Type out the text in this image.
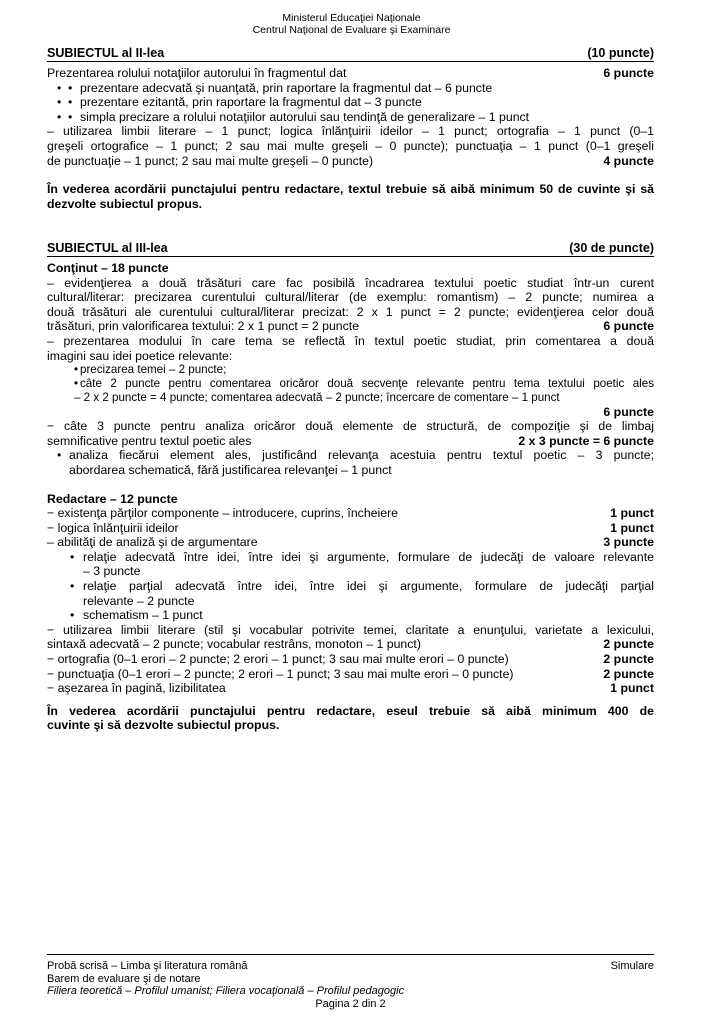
Ministerul Educaţiei Naţionale
Centrul Naţional de Evaluare şi Examinare
SUBIECTUL al II-lea	(10 puncte)
Prezentarea rolului notaţiilor autorului în fragmentul dat	6 puncte
• • prezentare adecvată şi nuanţată, prin raportare la fragmentul dat – 6 puncte
• • prezentare ezitantă, prin raportare la fragmentul dat – 3 puncte
• • simpla precizare a rolului notaţiilor autorului sau tendinţă de generalizare – 1 punct
– utilizarea limbii literare – 1 punct; logica înlănţuirii ideilor – 1 punct; ortografia – 1 punct (0–1
greşeli ortografice – 1 punct; 2 sau mai multe greşeli – 0 puncte); punctuaţia – 1 punct (0–1 greşeli
de punctuaţie – 1 punct; 2 sau mai multe greşeli – 0 puncte)	4 puncte
În vederea acordării punctajului pentru redactare, textul trebuie să aibă minimum 50 de cuvinte şi să dezvolte subiectul propus.
SUBIECTUL al III-lea	(30 de puncte)
Conţinut – 18 puncte
– evidenţierea a două trăsături care fac posibilă încadrarea textului poetic studiat într-un curent
cultural/literar: precizarea curentului cultural/literar (de exemplu: romantism) – 2 puncte; numirea a
două trăsături ale curentului cultural/literar precizat: 2 x 1 punct = 2 puncte; evidenţierea celor două
trăsături, prin valorificarea textului: 2 x 1 punct = 2 puncte	6 puncte
– prezentarea modului în care tema se reflectă în textul poetic studiat, prin comentarea a două
imagini sau idei poetice relevante:
• precizarea temei – 2 puncte;
• câte 2 puncte pentru comentarea oricăror două secvenţe relevante pentru tema textului poetic ales
– 2 x 2 puncte = 4 puncte; comentarea adecvată – 2 puncte; încercare de comentare – 1 punct
6 puncte
− câte 3 puncte pentru analiza oricăror două elemente de structură, de compoziţie şi de limbaj
semnificative pentru textul poetic ales	2 x 3 puncte = 6 puncte
• analiza fiecărui element ales, justificând relevanţa acestuia pentru textul poetic – 3 puncte;
abordarea schematică, fără justificarea relevanţei – 1 punct
Redactare – 12 puncte
− existenţa părţilor componente – introducere, cuprins, încheiere	1 punct
− logica înlănţuirii ideilor	1 punct
– abilităţi de analiză şi de argumentare	3 puncte
• relaţie adecvată între idei, între idei şi argumente, formulare de judecăţi de valoare relevante
– 3 puncte
• relaţie parţial adecvată între idei, între idei şi argumente, formulare de judecăţi parţial
relevante – 2 puncte
• schematism – 1 punct
− utilizarea limbii literare (stil şi vocabular potrivite temei, claritate a enunţului, varietate a lexicului,
sintaxă adecvată – 2 puncte; vocabular restrâns, monoton – 1 punct)	2 puncte
− ortografia (0–1 erori – 2 puncte; 2 erori – 1 punct; 3 sau mai multe erori – 0 puncte)	2 puncte
− punctuaţia (0–1 erori – 2 puncte; 2 erori – 1 punct; 3 sau mai multe erori – 0 puncte)	2 puncte
− aşezarea în pagină, lizibilitatea	1 punct
În vederea acordării punctajului pentru redactare, eseul trebuie să aibă minimum 400 de
cuvinte şi să dezvolte subiectul propus.
Probă scrisă – Limba şi literatura română	Simulare
Barem de evaluare şi de notare
Filiera teoretică – Profilul umanist; Filiera vocaţională – Profilul pedagogic
Pagina 2 din 2
